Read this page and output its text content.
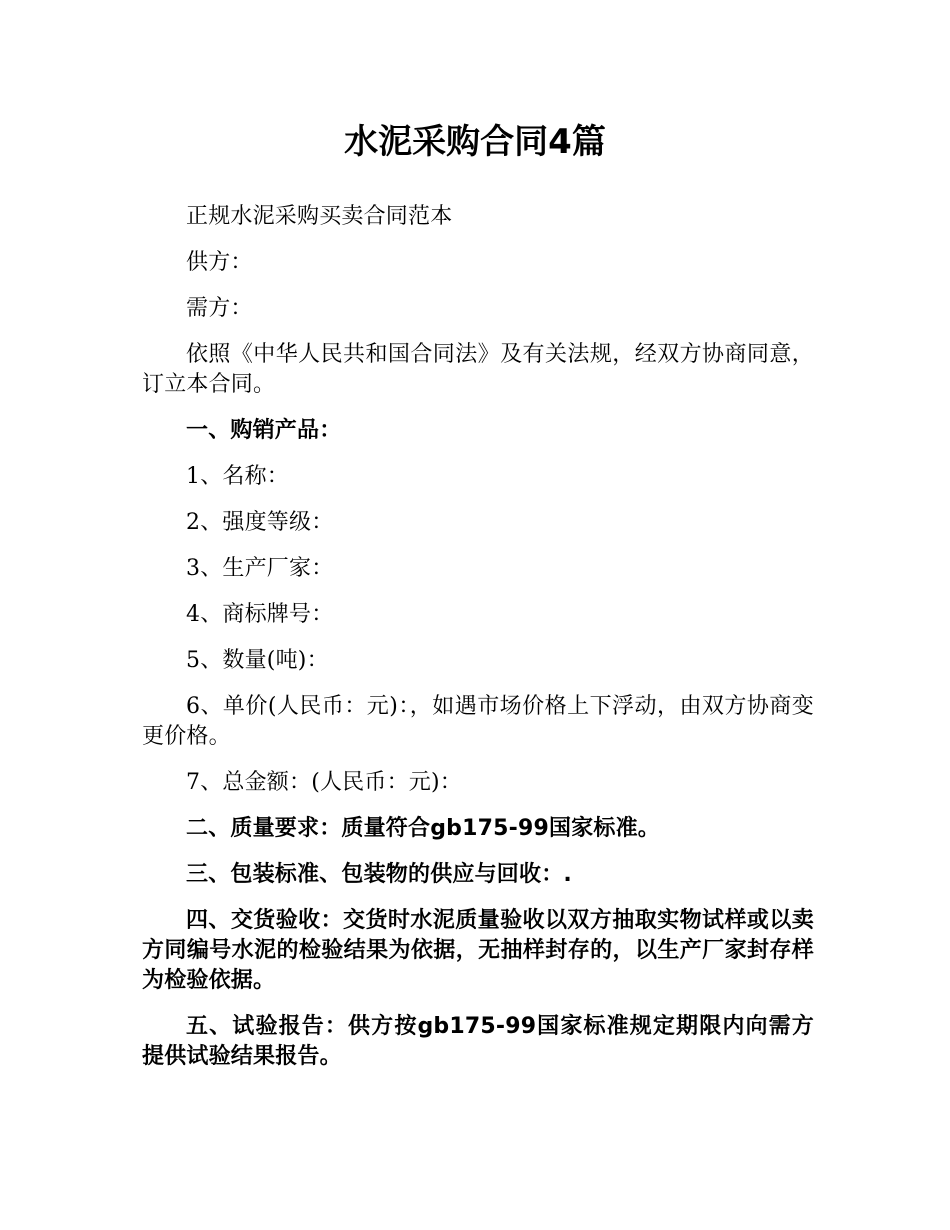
水泥采购合同4篇

正规水泥采购买卖合同范本

供方：

需方：

依照《中华人民共和国合同法》及有关法规，经双方协商同意，订立本合同。

一、购销产品：

1、名称：

2、强度等级：

3、生产厂家：

4、商标牌号：

5、数量(吨)：

6、单价(人民币：元)：，如遇市场价格上下浮动，由双方协商变更价格。

7、总金额：(人民币：元)：

二、质量要求：质量符合gb175-99国家标准。

三、包装标准、包装物的供应与回收：.

四、交货验收：交货时水泥质量验收以双方抽取实物试样或以卖方同编号水泥的检验结果为依据，无抽样封存的，以生产厂家封存样为检验依据。

五、试验报告：供方按gb175-99国家标准规定期限内向需方提供试验结果报告。
